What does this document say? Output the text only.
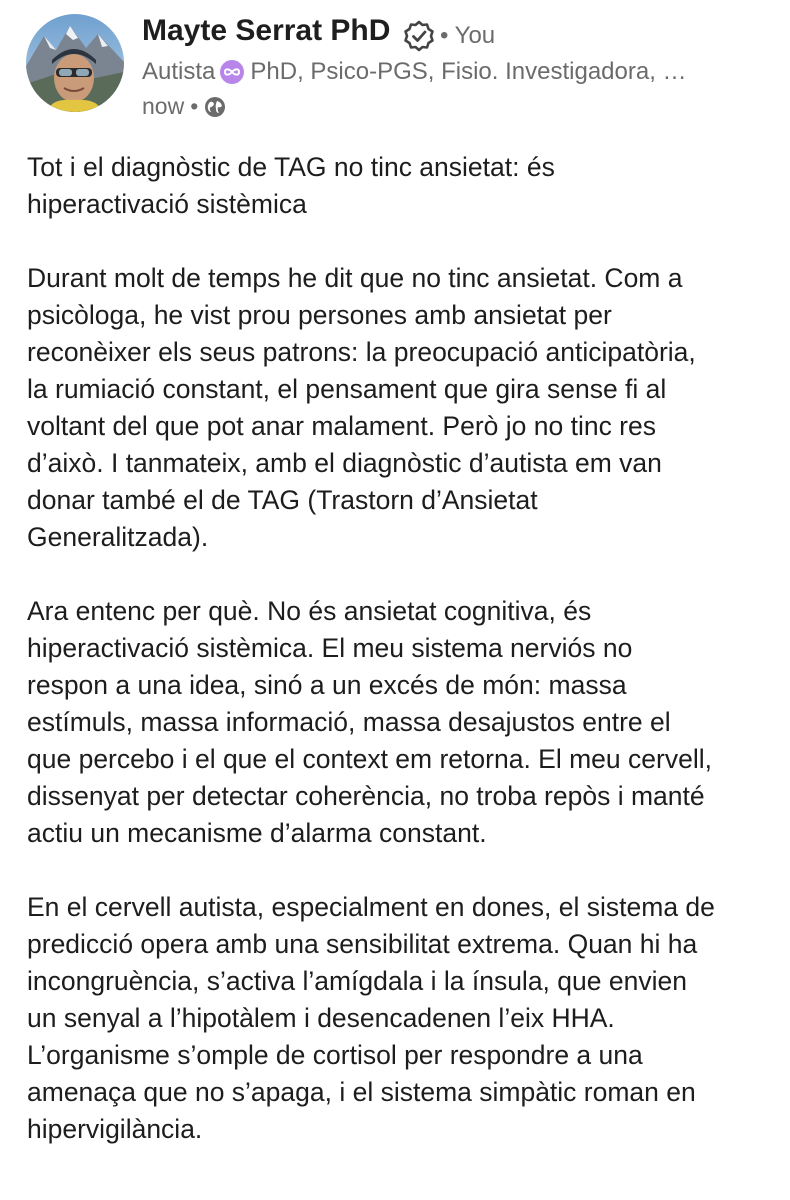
Mayte Serrat PhD • You
Autista PhD, Psico-PGS, Fisio. Investigadora, …
now •

Tot i el diagnòstic de TAG no tinc ansietat: és
hiperactivació sistèmica

Durant molt de temps he dit que no tinc ansietat. Com a
psicòloga, he vist prou persones amb ansietat per
reconèixer els seus patrons: la preocupació anticipatòria,
la rumiació constant, el pensament que gira sense fi al
voltant del que pot anar malament. Però jo no tinc res
d’això. I tanmateix, amb el diagnòstic d’autista em van
donar també el de TAG (Trastorn d’Ansietat
Generalitzada).

Ara entenc per què. No és ansietat cognitiva, és
hiperactivació sistèmica. El meu sistema nerviós no
respon a una idea, sinó a un excés de món: massa
estímuls, massa informació, massa desajustos entre el
que percebo i el que el context em retorna. El meu cervell,
dissenyat per detectar coherència, no troba repòs i manté
actiu un mecanisme d’alarma constant.

En el cervell autista, especialment en dones, el sistema de
predicció opera amb una sensibilitat extrema. Quan hi ha
incongruència, s’activa l’amígdala i la ínsula, que envien
un senyal a l’hipotàlem i desencadenen l’eix HHA.
L’organisme s’omple de cortisol per respondre a una
amenaça que no s’apaga, i el sistema simpàtic roman en
hipervigilància.
